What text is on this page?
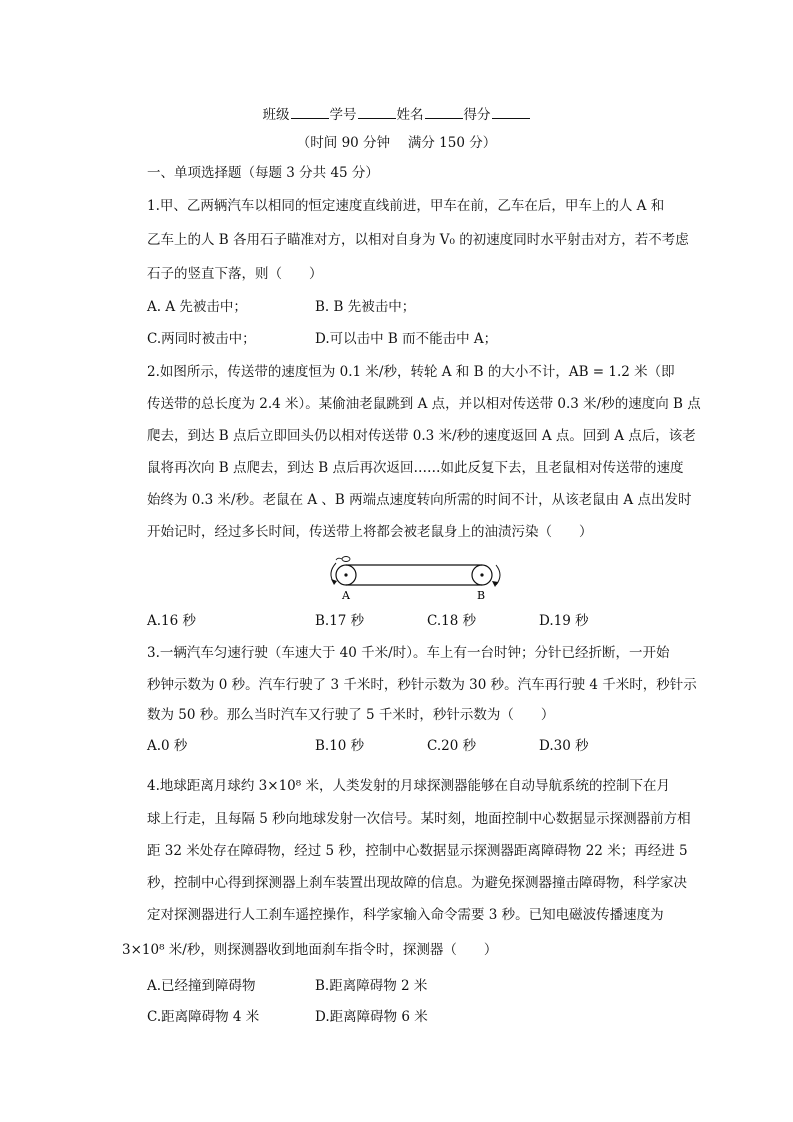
班级	学号	姓名	得分
（时间 90 分钟　 满分 150 分）
一、单项选择题（每题 3 分共 45 分）
1.甲、乙两辆汽车以相同的恒定速度直线前进，甲车在前，乙车在后，甲车上的人 A 和
乙车上的人 B 各用石子瞄准对方，以相对自身为 V₀ 的初速度同时水平射击对方，若不考虑
石子的竖直下落，则（　　）
A. A 先被击中；	B. B 先被击中；
C.两同时被击中；	D.可以击中 B 而不能击中 A；
2.如图所示，传送带的速度恒为 0.1 米/秒，转轮 A 和 B 的大小不计，AB = 1.2 米（即
传送带的总长度为 2.4 米）。某偷油老鼠跳到 A 点，并以相对传送带 0.3 米/秒的速度向 B 点
爬去，到达 B 点后立即回头仍以相对传送带 0.3 米/秒的速度返回 A 点。回到 A 点后，该老
鼠将再次向 B 点爬去，到达 B 点后再次返回……如此反复下去，且老鼠相对传送带的速度
始终为 0.3 米/秒。老鼠在 A 、B 两端点速度转向所需的时间不计，从该老鼠由 A 点出发时
开始记时，经过多长时间，传送带上将都会被老鼠身上的油渍污染（　　）
A	B
A.16 秒	B.17 秒	C.18 秒	D.19 秒
3.一辆汽车匀速行驶（车速大于 40 千米/时）。车上有一台时钟；分针已经折断，一开始
秒钟示数为 0 秒。汽车行驶了 3 千米时，秒针示数为 30 秒。汽车再行驶 4 千米时，秒针示
数为 50 秒。那么当时汽车又行驶了 5 千米时，秒针示数为（　　）
A.0 秒	B.10 秒	C.20 秒	D.30 秒
4.地球距离月球约 3×10⁸ 米，人类发射的月球探测器能够在自动导航系统的控制下在月
球上行走，且每隔 5 秒向地球发射一次信号。某时刻，地面控制中心数据显示探测器前方相
距 32 米处存在障碍物，经过 5 秒，控制中心数据显示探测器距离障碍物 22 米；再经进 5
秒，控制中心得到探测器上刹车装置出现故障的信息。为避免探测器撞击障碍物，科学家决
定对探测器进行人工刹车遥控操作，科学家输入命令需要 3 秒。已知电磁波传播速度为
3×10⁸ 米/秒，则探测器收到地面刹车指令时，探测器（　　）
A.已经撞到障碍物	B.距离障碍物 2 米
C.距离障碍物 4 米	D.距离障碍物 6 米
